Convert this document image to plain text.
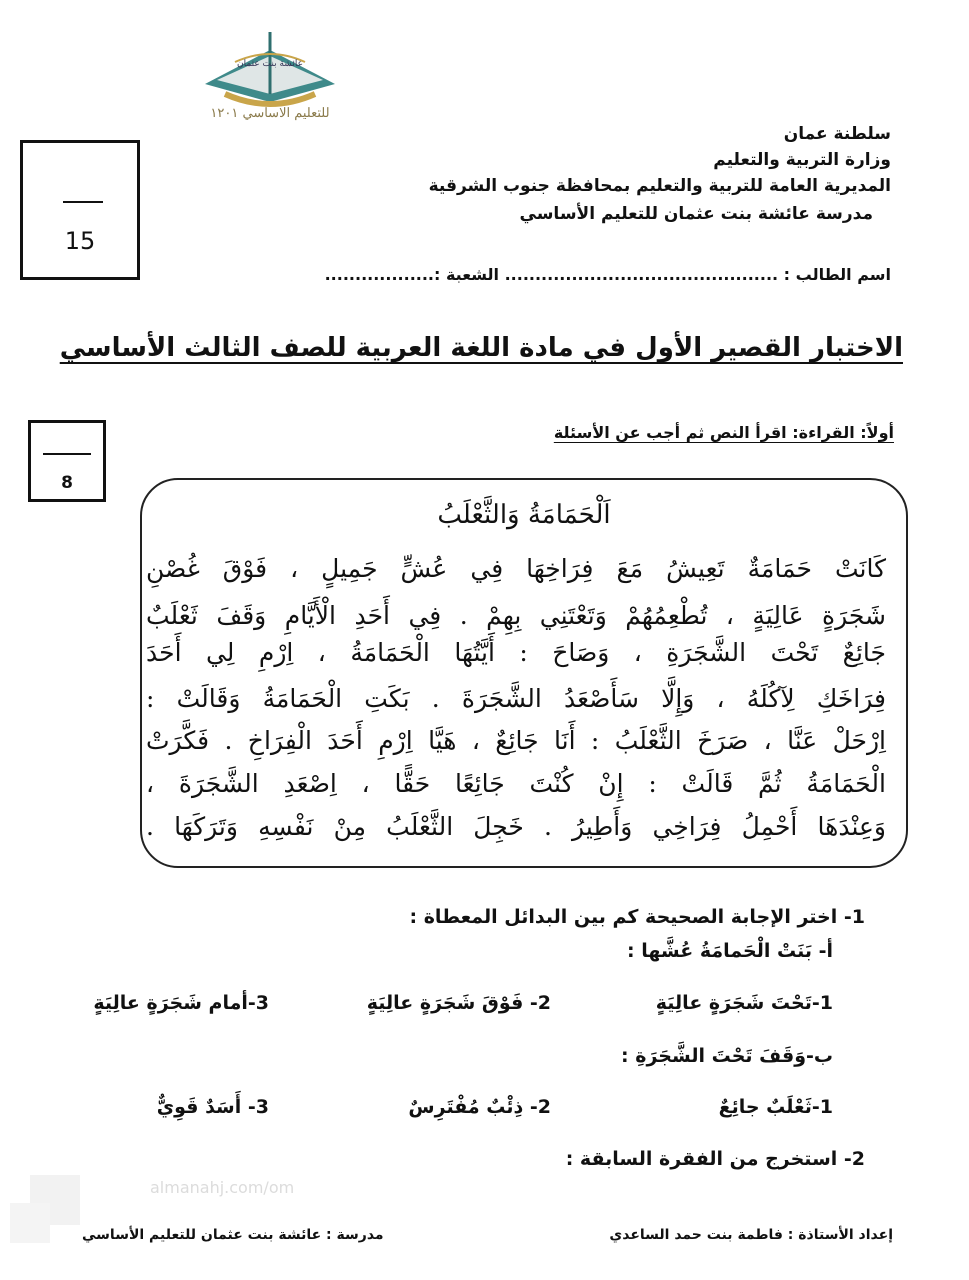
عائشة بنت عثمان
للتعليم الاساسي ١٢٠١
سلطنة عمان
وزارة التربية والتعليم
المديرية العامة للتربية والتعليم بمحافظة جنوب الشرقية
مدرسة عائشة بنت عثمان للتعليم الأساسي
15
اسم الطالب : ............................................. الشعبة :..................
الاختبار القصير الأول في مادة اللغة العربية للصف الثالث الأساسي
8
أولاً: القراءة: اقرأ النص ثم أجب عن الأسئلة
اَلْحَمَامَةُ وَالثَّعْلَبُ
كَانَتْ حَمَامَةٌ تَعِيشُ مَعَ فِرَاخِهَا فِي عُشٍّ جَمِيلٍ ، فَوْقَ غُصْنِ
شَجَرَةٍ عَالِيَةٍ ، تُطْعِمُهُمْ وَتَعْتَنِي بِهِمْ . فِي أَحَدِ الْأَيَّامِ وَقَفَ ثَعْلَبٌ
جَائِعٌ تَحْتَ الشَّجَرَةِ ، وَصَاحَ : أَيَّتُهَا الْحَمَامَةُ ، اِرْمِ لِي أَحَدَ
فِرَاخَكِ لِآكُلَهُ ، وَإِلَّا سَأَصْعَدُ الشَّجَرَةَ . بَكَتِ الْحَمَامَةُ وَقَالَتْ :
اِرْحَلْ عَنَّا ، صَرَخَ الثَّعْلَبُ : أَنَا جَائِعٌ ، هَيَّا اِرْمِ أَحَدَ الْفِرَاخِ . فَكَّرَتْ
الْحَمَامَةُ ثُمَّ قَالَتْ : إِنْ كُنْتَ جَائِعًا حَقًّا ، اِصْعَدِ الشَّجَرَةَ ،
وَعِنْدَهَا أَحْمِلُ فِرَاخِي وَأَطِيرُ . خَجِلَ الثَّعْلَبُ مِنْ نَفْسِهِ وَتَرَكَهَا .
1- اختر الإجابة الصحيحة كم بين البدائل المعطاة :
أ- بَنَتْ الْحَمامَةُ عُشَّها :
1-تَحْتَ شَجَرَةٍ عالِيَةٍ
2- فَوْقَ شَجَرَةٍ عالِيَةٍ
3-أمام شَجَرَةٍ عالِيَةٍ
ب-وَقَفَ تَحْتَ الشَّجَرَةِ :
1-ثَعْلَبٌ جائِعٌ
2- ذِئْبٌ مُفْتَرِسٌ
3- أَسَدٌ قَوِيٌّ
2- استخرج من الفقرة السابقة :
almanahj.com/om
مدرسة : عائشة بنت عثمان للتعليم الأساسي	إعداد الأستاذة : فاطمة بنت حمد الساعدي
